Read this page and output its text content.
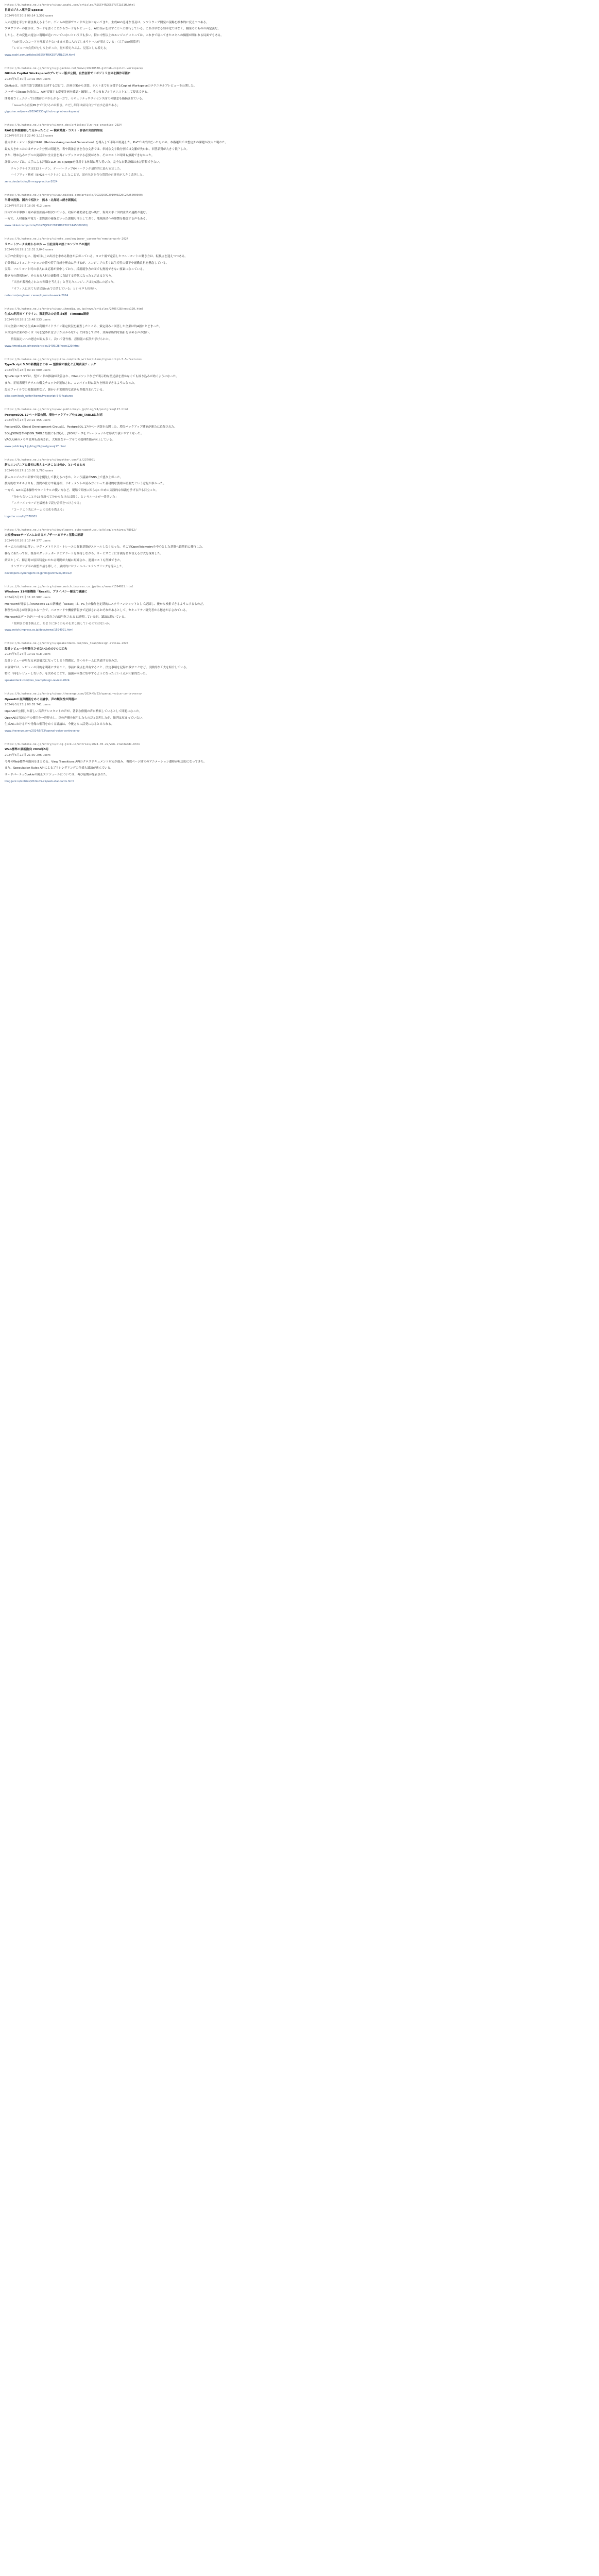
https://b.hatena.ne.jp/entry/s/www.asahi.com/articles/ASS5Y4RJKS5YUTIL01H.html
日経ビジネス電子版 Special
2024年5月30日 09:14 1,302 users
人の記憶を半分に置き換えるように、ゲームの世界でコードが主体となってきた。生成AIの急速な普及は、ソフトウェア開発の現場を根本的に変えつつある。
プログラマーの仕事は、コードを書くことからコードをレビューし、AIに指示を出すことへと移行している。これは単なる効率化ではなく、職業そのものの再定義だ。
しかし、その変化の速さに現場が追いついていないという声も多い。特に中堅以上のエンジニアにとっては、これまで培ってきたスキルの価値が問われる局面でもある。
「AIが書いたコードを理解できないまま本番に入れてしまうケースが増えている」（大手SIer関係者）
「レビューの負荷がむしろ上がった。量が増えたぶん、見落としも増える」
www.asahi.com/articles/ASS5Y4RJKS5YUTIL01H.html
https://b.hatena.ne.jp/entry/s/gigazine.net/news/20240530-github-copilot-workspace/
GitHub Copilot Workspaceのプレビュー版が公開、自然言語でリポジトリ全体を操作可能に
2024年5月30日 10:02 864 users
GitHubは、自然言語で課題を記述するだけで、計画立案から実装、テストまでを支援するCopilot Workspaceのテクニカルプレビューを公開した。
ユーザーはIssueを起点に、AIが提案する変更計画を確認・編集し、そのままプルリクエストとして提出できる。
開発者コミュニティでは期待の声が上がる一方で、セキュリティやライセンス面での懸念も指摘されている。
「Issueから直接PRまで行けるのは驚き。ただし細部は結局自分で直す必要がある」
gigazine.net/news/20240530-github-copilot-workspace/
https://b.hatena.ne.jp/entry/s/zenn.dev/articles/llm-rag-practice-2024
RAGを本番運用して分かったこと — 検索精度・コスト・評価の実践的知見
2024年5月29日 22:40 1,118 users
社内ドキュメント検索にRAG（Retrieval-Augmented Generation）を導入して半年が経過した。PoCでは好評だったものの、本番運用では想定外の課題が次々と現れた。
最も大きかったのはチャンク分割の問題だ。表や箇条書きを含む文書では、単純な文字数分割では文脈が失われ、回答品質が大きく低下した。
また、埋め込みモデルの更新時に全文書を再インデックスする必要があり、そのコストと時間も無視できなかった。
評価については、人手による評価とLLM-as-a-judgeを併用する体制に落ち着いた。完全な自動評価はまだ信頼できない。
チャンクサイズは512トークン、オーバーラップ64トークンが最終的に最も安定した。
ハイブリッド検索（BM25＋ベクトル）にしたことで、固有名詞を含む質問の正答率が大きく改善した。
zenn.dev/articles/llm-rag-practice-2024
https://b.hatena.ne.jp/entry/s/www.nikkei.com/article/DGXZQOUC2919H0Z20C24A5000000/
半導体投資、国内で相次ぐ　熊本・北海道に続き新拠点
2024年5月29日 18:05 412 users
国内での半導体工場の新設計画が相次いでいる。政府の補助金を追い風に、海外大手と国内企業の連携が進む。
一方で、人材確保や電力・水資源の確保といった課題も浮上しており、地域経済への影響を懸念する声もある。
www.nikkei.com/article/DGXZQOUC2919H0Z20C24A5000000/
https://b.hatena.ne.jp/entry/s/note.com/engineer_career/n/remote-work-2024
リモートワークは終わるのか — 出社回帰の波とエンジニアの選択
2024年5月29日 12:31 2,045 users
大手IT企業を中心に、週3日以上の出社を求める動きが広がっている。コロナ禍で定着したフルリモートの働き方は、転換点を迎えつつある。
企業側はコミュニケーションの質や若手育成を理由に挙げるが、エンジニアの多くは生産性の低下や通勤負担を懸念している。
実際、フルリモート可の求人には応募が集中しており、採用競争力の面でも無視できない要素になっている。
働き方の選択肢が、そのまま人材の流動性に直結する時代になったと言えるだろう。
「出社が義務化されたら転職を考える」と答えたエンジニアは約6割にのぼった。
「オフィスに来ても結局Slackで会話している」という声も根強い。
note.com/engineer_career/n/remote-work-2024
https://b.hatena.ne.jp/entry/s/www.itmedia.co.jp/news/articles/2405/28/news120.html
生成AI利用ガイドライン、策定済みの企業は4割　ITmedia調査
2024年5月28日 15:48 533 users
国内企業における生成AIの利用ガイドライン策定状況を調査したところ、策定済みと回答した企業は約4割にとどまった。
未策定の企業の多くは「何を定めればよいか分からない」と回答しており、業界横断的な指針を求める声が強い。
情報漏えいへの懸念が最も多く、次いで著作権、誤情報の拡散が挙げられた。
www.itmedia.co.jp/news/articles/2405/28/news120.html
https://b.hatena.ne.jp/entry/s/qiita.com/tech_writer/items/typescript-5-5-features
TypeScript 5.5の新機能まとめ — 型推論の強化と正規表現チェック
2024年5月28日 09:10 689 users
TypeScript 5.5では、型ガードの推論が改善され、filterメソッドなどで明示的な型述語を書かなくても絞り込みが効くようになった。
また、正規表現リテラルの構文チェックが追加され、コンパイル時に誤りを検出できるようになった。
設定ファイルでの変数展開など、細かいが実用的な改善も多数含まれている。
qiita.com/tech_writer/items/typescript-5-5-features
https://b.hatena.ne.jp/entry/s/www.publickey1.jp/blog/24/postgresql17.html
PostgreSQL 17ベータ版公開、増分バックアップやJSON_TABLEに対応
2024年5月27日 20:22 455 users
PostgreSQL Global Development Groupは、PostgreSQL 17のベータ版を公開した。増分バックアップ機能が新たに追加された。
SQL/JSON標準のJSON_TABLE関数にも対応し、JSONデータをリレーショナルな形式で扱いやすくなった。
VACUUMのメモリ管理も改善され、大規模なテーブルでの処理性能が向上している。
www.publickey1.jp/blog/24/postgresql17.html
https://b.hatena.ne.jp/entry/s/togetter.com/li/2370001
新人エンジニアに最初に教えるべきことは何か、というまとめ
2024年5月27日 13:05 1,760 users
新人エンジニアの研修で何を優先して教えるべきか、という議論がSNS上で盛り上がった。
技術的なスキルよりも、質問の仕方や報連相、ドキュメントの読み方といった基礎的な姿勢が重要だという意見が多かった。
一方で、Gitの基本操作やターミナルの使い方など、現場で即座に困らないための実践的な知識を挙げる声も目立った。
「分からないことを15分調べて分からなければ聞く、というルールが一番効いた」
「エラーメッセージを最後まで読む習慣をつけさせる」
「コードより先にチームの文化を教える」
togetter.com/li/2370001
https://b.hatena.ne.jp/entry/s/developers.cyberagent.co.jp/blog/archives/48012/
大規模Webサービスにおけるオブザーバビリティ基盤の刷新
2024年5月26日 17:44 377 users
サービスの成長に伴い、ログ・メトリクス・トレースの収集基盤がスケールしなくなった。そこでOpenTelemetryを中心とした基盤へ段階的に移行した。
移行にあたっては、既存のダッシュボードとアラートを維持しながら、サービスごとに計測を切り替える方式を採用した。
結果として、障害時の原因特定にかかる時間が大幅に短縮され、運用コストも削減できた。
サンプリング率の調整が最も難しく、最終的にはテールベースサンプリングを導入した。
developers.cyberagent.co.jp/blog/archives/48012/
https://b.hatena.ne.jp/entry/s/www.watch.impress.co.jp/docs/news/1594021.html
Windows 11の新機能「Recall」、プライバシー懸念で議論に
2024年5月25日 11:20 982 users
Microsoftが発表したWindows 11の新機能「Recall」は、PC上の操作を定期的にスクリーンショットとして記録し、後から検索できるようにするものだ。
利便性の高さが評価される一方で、パスワードや機密情報まで記録されるおそれがあるとして、セキュリティ研究者から懸念が示されている。
Microsoftはデータがローカルに保存され暗号化されると説明しているが、議論は続いている。
「便利さと引き換えに、あまりに多くのものを差し出しているのではないか」
www.watch.impress.co.jp/docs/news/1594021.html
https://b.hatena.ne.jp/entry/s/speakerdeck.com/dev_team/design-review-2024
設計レビューを形骸化させないための7つの工夫
2024年5月24日 19:02 618 users
設計レビューが単なる承認儀式になってしまう問題は、多くのチームに共通する悩みだ。
本資料では、レビューの目的を明確にすること、事前に論点を共有すること、決定事項を記録に残すことなど、実践的な工夫を紹介している。
特に「何をレビューしないか」を決めることで、議論が本質に集中するようになったという点が印象的だった。
speakerdeck.com/dev_team/design-review-2024
https://b.hatena.ne.jp/entry/s/www.theverge.com/2024/5/23/openai-voice-controversy
OpenAIの音声機能をめぐる論争、声の類似性が問題に
2024年5月23日 08:55 741 users
OpenAIが公開した新しい音声アシスタントの声が、著名な俳優の声に酷似しているとして問題になった。
OpenAIは当該の声の使用を一時停止し、別の声優を起用したものだと説明したが、批判は収まっていない。
生成AIにおける声や肖像の権利をめぐる議論は、今後さらに活発になるとみられる。
www.theverge.com/2024/5/23/openai-voice-controversy
https://b.hatena.ne.jp/entry/s/blog.jxck.io/entries/2024-05-22/web-standards.html
Web標準の最新動向 2024年5月
2024年5月22日 21:30 296 users
今月のWeb標準の動向をまとめる。View Transitions APIのクロスドキュメント対応が進み、複数ページ間でのアニメーション遷移が現実的になってきた。
また、Speculation Rules APIによるプリレンダリングの仕様も議論が進んでいる。
サードパーティCookieの廃止スケジュールについては、再び延期が発表された。
blog.jxck.io/entries/2024-05-22/web-standards.html
